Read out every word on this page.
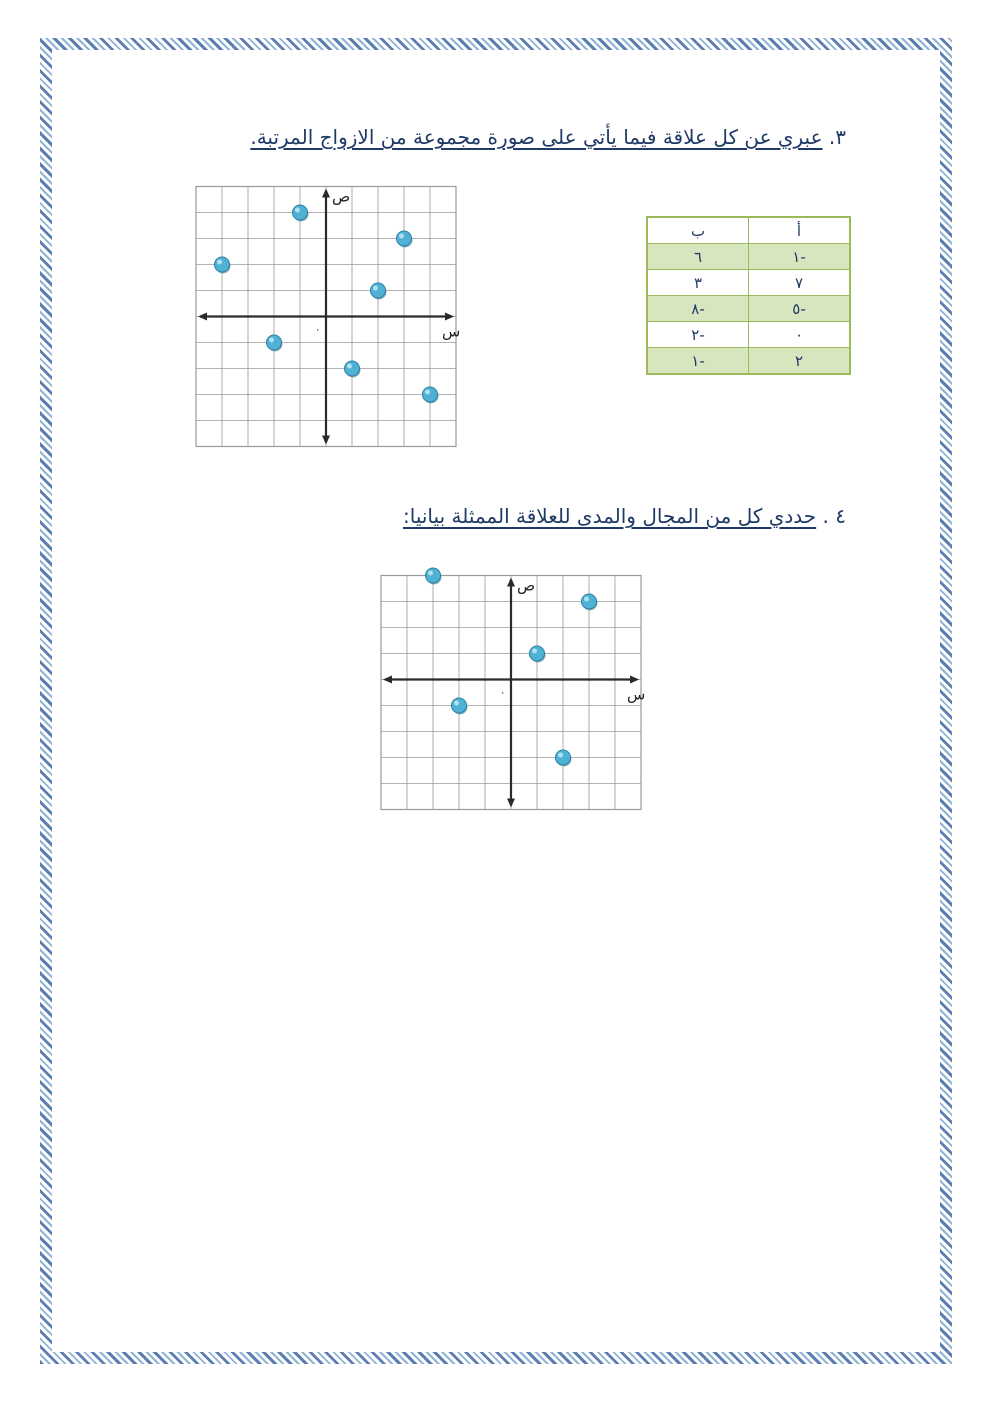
٣. عبري عن كل علاقة فيما يأتي على صورة مجموعة من الازواج المرتبة.
س
ص
٠
أ	ب
-١	٦
٧	٣
-٥	-٨
٠	-٢
٢	-١
٤ . حددي كل من المجال والمدى للعلاقة الممثلة بيانيا:
س
ص
٠
